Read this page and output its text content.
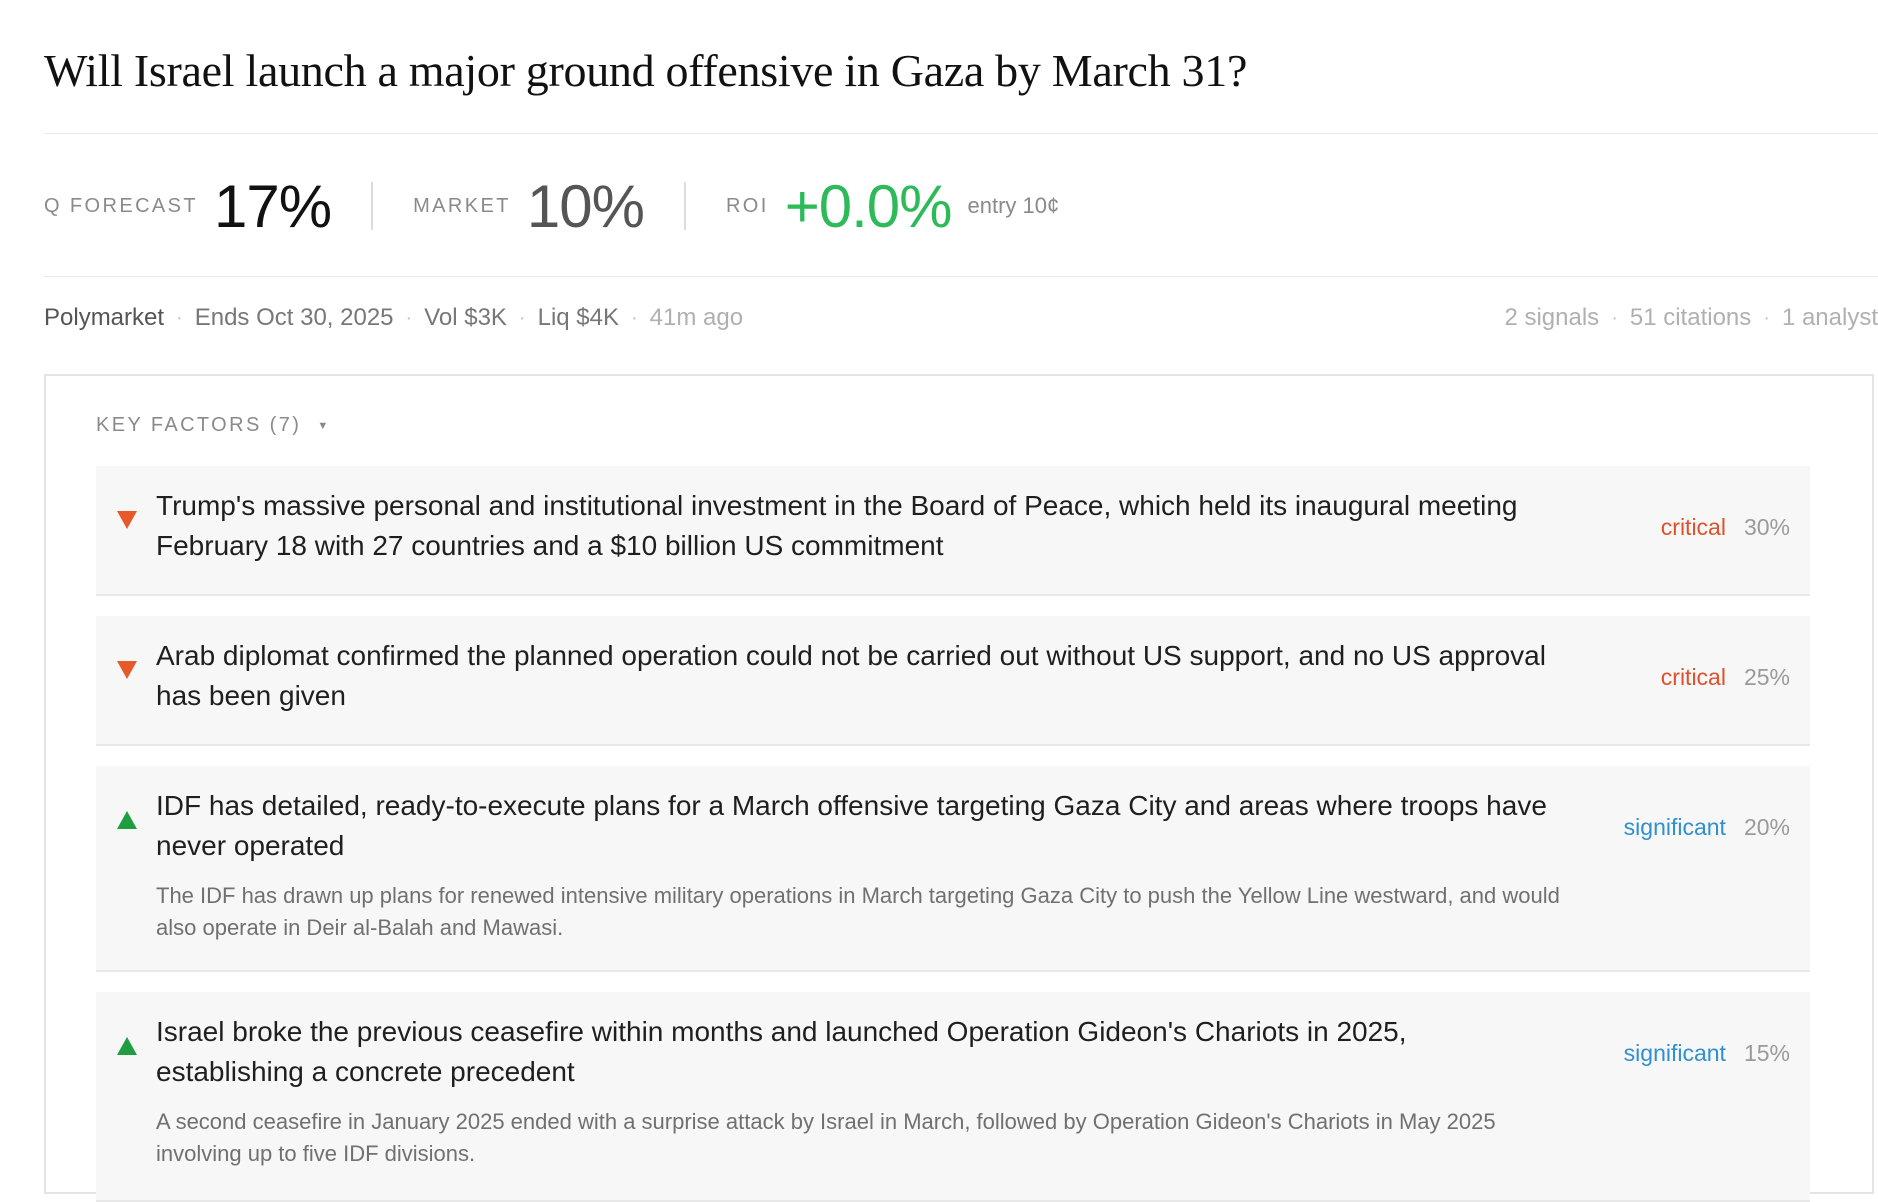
Will Israel launch a major ground offensive in Gaza by March 31?
Q FORECAST 17%	MARKET 10%	ROI +0.0% entry 10¢
Polymarket · Ends Oct 30, 2025 · Vol $3K · Liq $4K · 41m ago	2 signals · 51 citations · 1 analyst
KEY FACTORS (7) ▼

Trump's massive personal and institutional investment in the Board of Peace, which held its inaugural meeting
February 18 with 27 countries and a $10 billion US commitment

critical 30%

Arab diplomat confirmed the planned operation could not be carried out without US support, and no US approval
has been given

critical 25%

IDF has detailed, ready-to-execute plans for a March offensive targeting Gaza City and areas where troops have
never operated

significant 20%

The IDF has drawn up plans for renewed intensive military operations in March targeting Gaza City to push the Yellow Line westward, and would
also operate in Deir al-Balah and Mawasi.

Israel broke the previous ceasefire within months and launched Operation Gideon's Chariots in 2025,
establishing a concrete precedent

significant 15%

A second ceasefire in January 2025 ended with a surprise attack by Israel in March, followed by Operation Gideon's Chariots in May 2025
involving up to five IDF divisions.
